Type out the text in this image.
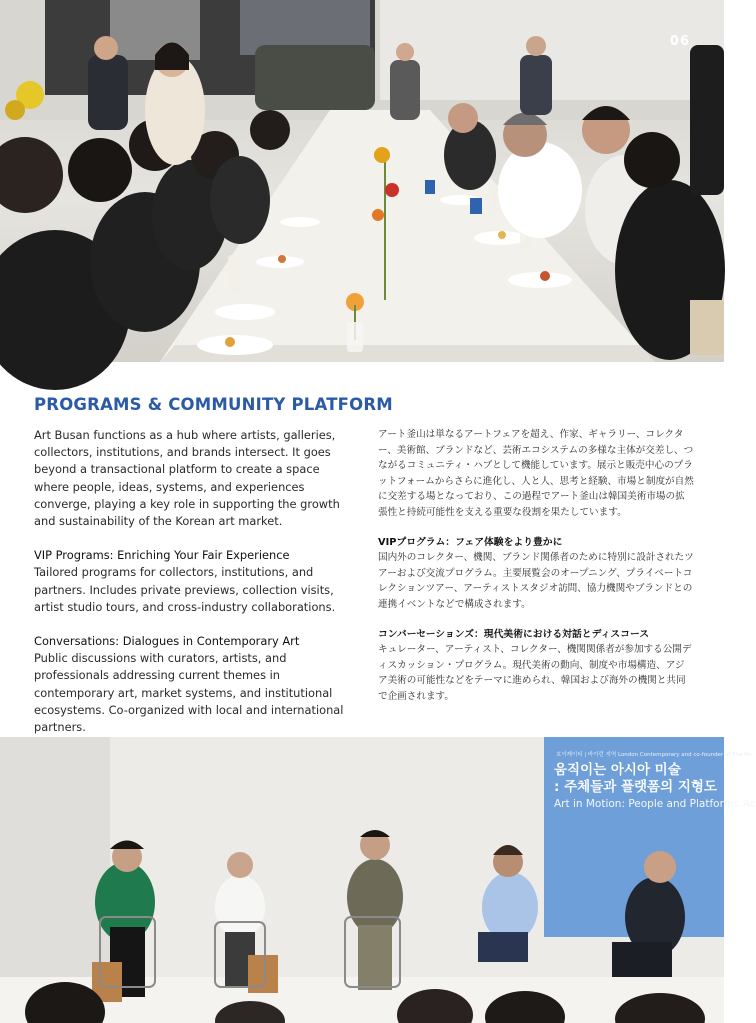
06
PROGRAMS & COMMUNITY PLATFORM

Art Busan functions as a hub where artists, galleries, collectors, institutions, and brands intersect. It goes beyond a transactional platform to create a space where people, ideas, systems, and experiences converge, playing a key role in supporting the growth and sustainability of the Korean art market.

VIP Programs: Enriching Your Fair Experience

Tailored programs for collectors, institutions, and partners. Includes private previews, collection visits, artist studio tours, and cross-industry collaborations.

Conversations: Dialogues in Contemporary Art

Public discussions with curators, artists, and professionals addressing current themes in contemporary art, market systems, and institutional ecosystems. Co-organized with local and international partners.

アート釜山は単なるアートフェアを超え、作家、ギャラリー、コレクター、美術館、ブランドなど、芸術エコシステムの多様な主体が交差し、つながるコミュニティ・ハブとして機能しています。展示と販売中心のプラットフォームからさらに進化し、人と人、思考と経験、市場と制度が自然に交差する場となっており、この過程でアート釜山は韓国美術市場の拡張性と持続可能性を支える重要な役割を果たしています。

VIPプログラム：フェア体験をより豊かに

国内外のコレクター、機関、ブランド関係者のために特別に設計されたツアーおよび交流プログラム。主要展覧会のオープニング、プライベートコレクションツアー、アーティストスタジオ訪問、協力機関やブランドとの連携イベントなどで構成されます。

コンバーセーションズ：現代美術における対話とディスコース

キュレーター、アーティスト、コレクター、機関関係者が参加する公開ディスカッション・プログラム。現代美術の動向、制度や市場構造、アジア美術の可能性などをテーマに進められ、韓国および海外の機関と共同で企画されます。

호이케이티 | 바이런 지역 London Contemporary and co-founder of The Ho

움직이는 아시아 미술

: 주체들과 플랫폼의 지형도

Art in Motion: People and Platforms Ac
